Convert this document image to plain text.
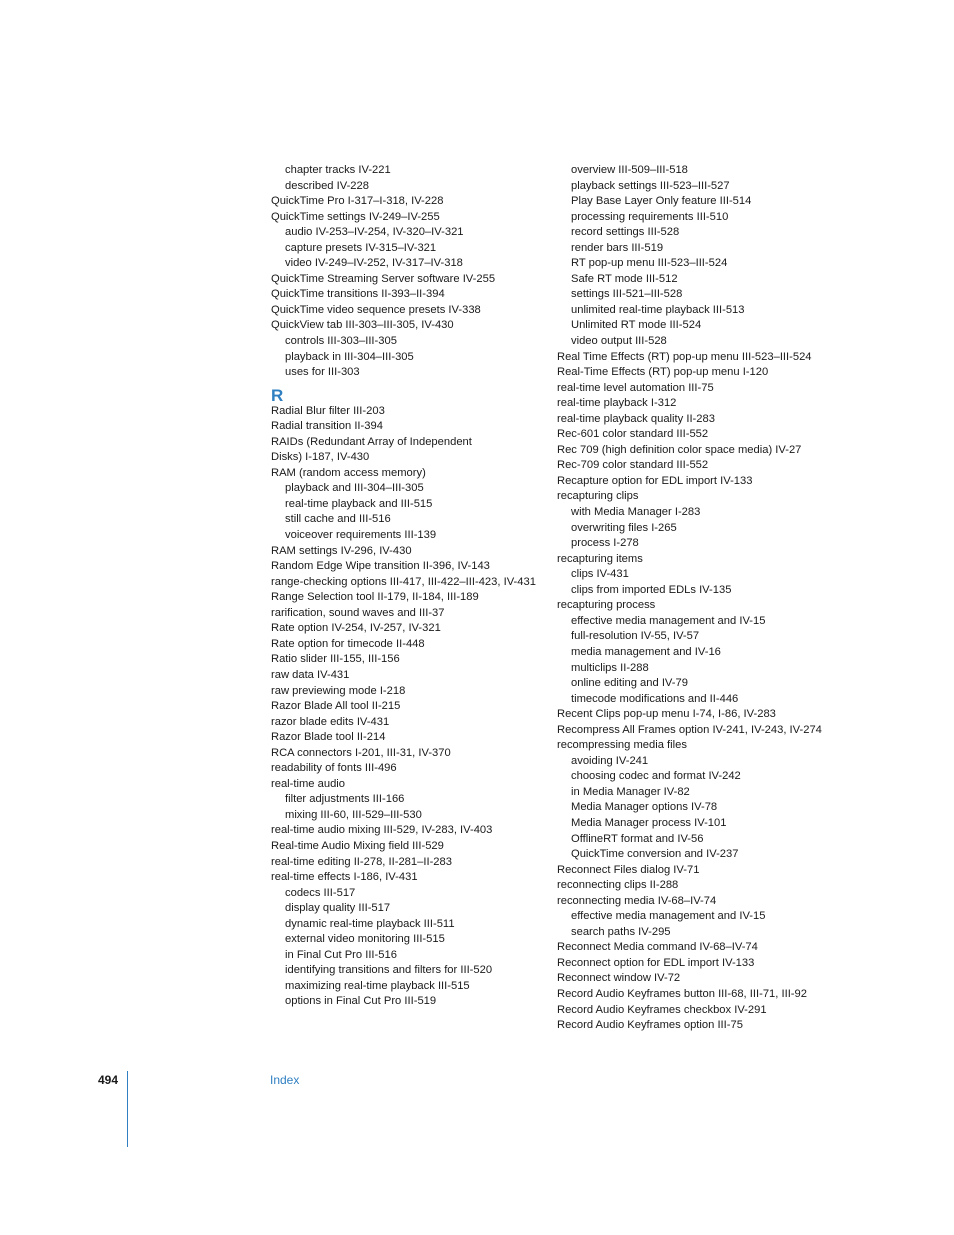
chapter tracks IV-221
described IV-228
QuickTime Pro I-317–I-318, IV-228
QuickTime settings IV-249–IV-255
audio IV-253–IV-254, IV-320–IV-321
capture presets IV-315–IV-321
video IV-249–IV-252, IV-317–IV-318
QuickTime Streaming Server software IV-255
QuickTime transitions II-393–II-394
QuickTime video sequence presets IV-338
QuickView tab III-303–III-305, IV-430
controls III-303–III-305
playback in III-304–III-305
uses for III-303
R
Radial Blur filter III-203
Radial transition II-394
RAIDs (Redundant Array of Independent Disks) I-187, IV-430
RAM (random access memory)
playback and III-304–III-305
real-time playback and III-515
still cache and III-516
voiceover requirements III-139
RAM settings IV-296, IV-430
Random Edge Wipe transition II-396, IV-143
range-checking options III-417, III-422–III-423, IV-431
Range Selection tool II-179, II-184, III-189
rarification, sound waves and III-37
Rate option IV-254, IV-257, IV-321
Rate option for timecode II-448
Ratio slider III-155, III-156
raw data IV-431
raw previewing mode I-218
Razor Blade All tool II-215
razor blade edits IV-431
Razor Blade tool II-214
RCA connectors I-201, III-31, IV-370
readability of fonts III-496
real-time audio
filter adjustments III-166
mixing III-60, III-529–III-530
real-time audio mixing III-529, IV-283, IV-403
Real-time Audio Mixing field III-529
real-time editing II-278, II-281–II-283
real-time effects I-186, IV-431
codecs III-517
display quality III-517
dynamic real-time playback III-511
external video monitoring III-515
in Final Cut Pro III-516
identifying transitions and filters for III-520
maximizing real-time playback III-515
options in Final Cut Pro III-519
overview III-509–III-518
playback settings III-523–III-527
Play Base Layer Only feature III-514
processing requirements III-510
record settings III-528
render bars III-519
RT pop-up menu III-523–III-524
Safe RT mode III-512
settings III-521–III-528
unlimited real-time playback III-513
Unlimited RT mode III-524
video output III-528
Real Time Effects (RT) pop-up menu III-523–III-524
Real-Time Effects (RT) pop-up menu I-120
real-time level automation III-75
real-time playback I-312
real-time playback quality II-283
Rec-601 color standard III-552
Rec 709 (high definition color space media) IV-27
Rec-709 color standard III-552
Recapture option for EDL import IV-133
recapturing clips
with Media Manager I-283
overwriting files I-265
process I-278
recapturing items
clips IV-431
clips from imported EDLs IV-135
recapturing process
effective media management and IV-15
full-resolution IV-55, IV-57
media management and IV-16
multiclips II-288
online editing and IV-79
timecode modifications and II-446
Recent Clips pop-up menu I-74, I-86, IV-283
Recompress All Frames option IV-241, IV-243, IV-274
recompressing media files
avoiding IV-241
choosing codec and format IV-242
in Media Manager IV-82
Media Manager options IV-78
Media Manager process IV-101
OfflineRT format and IV-56
QuickTime conversion and IV-237
Reconnect Files dialog IV-71
reconnecting clips II-288
reconnecting media IV-68–IV-74
effective media management and IV-15
search paths IV-295
Reconnect Media command IV-68–IV-74
Reconnect option for EDL import IV-133
Reconnect window IV-72
Record Audio Keyframes button III-68, III-71, III-92
Record Audio Keyframes checkbox IV-291
Record Audio Keyframes option III-75
494	Index
